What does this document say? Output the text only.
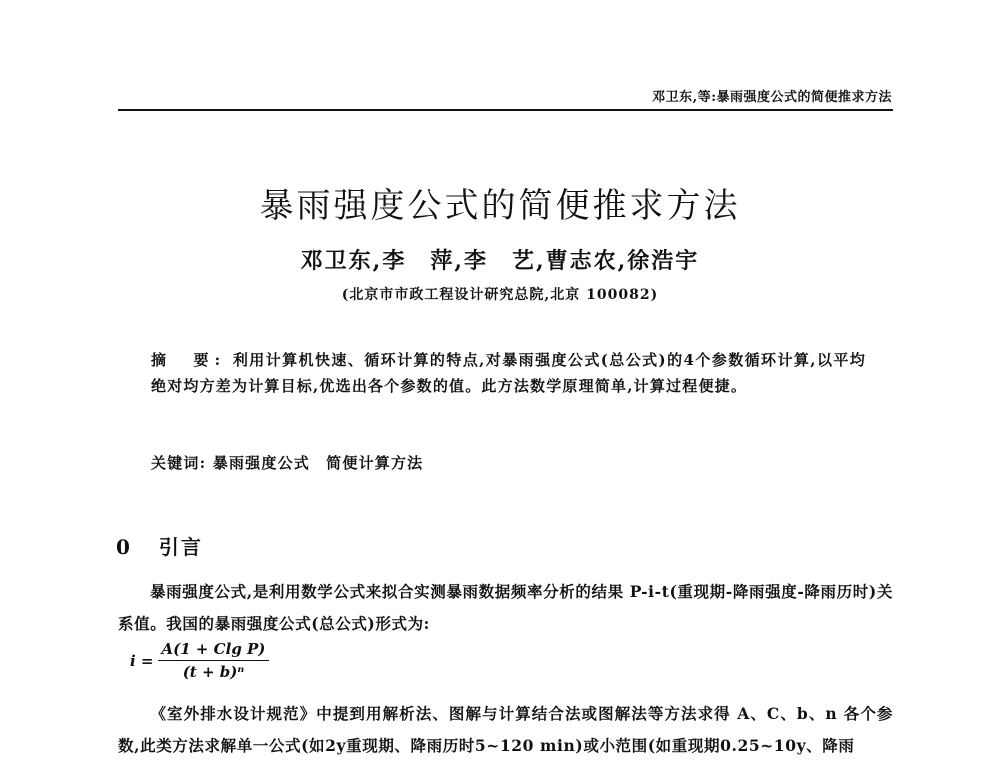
邓卫东,等:暴雨强度公式的简便推求方法
暴雨强度公式的简便推求方法
邓卫东,李　萍,李　艺,曹志农,徐浩宇
(北京市市政工程设计研究总院,北京 100082)
摘　要: 利用计算机快速、循环计算的特点,对暴雨强度公式(总公式)的4个参数循环计算,以平均绝对均方差为计算目标,优选出各个参数的值。此方法数学原理简单,计算过程便捷。
关键词: 暴雨强度公式　简便计算方法
0 引言

暴雨强度公式,是利用数学公式来拟合实测暴雨数据频率分析的结果 P-i-t(重现期-降雨强度-降雨历时)关系值。我国的暴雨强度公式(总公式)形式为:

$i = \frac{\text{A(1 + Clg P)}}{\text{(t + b)ⁿ}}$

《室外排水设计规范》中提到用解析法、图解与计算结合法或图解法等方法求得 A、C、b、n 各个参数,此类方法求解单一公式(如2y重现期、降雨历时5~120 min)或小范围(如重现期0.25~10y、降雨
